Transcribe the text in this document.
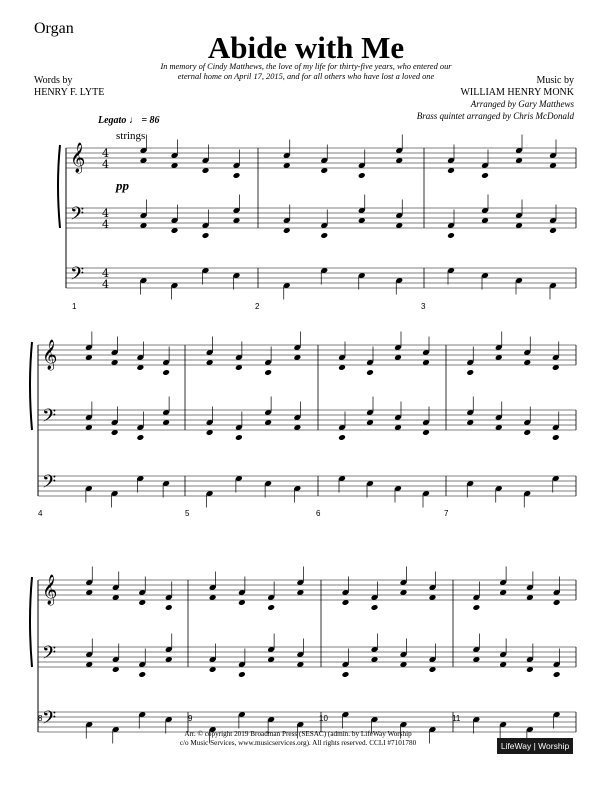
Organ
Abide with Me
In memory of Cindy Matthews, the love of my life for thirty-five years, who entered our
eternal home on April 17, 2015, and for all others who have lost a loved one
Words by
HENRY F. LYTE
Music by
WILLIAM HENRY MONK
Arranged by Gary Matthews
Brass quintet arranged by Chris McDonald
Legato ♩ = 86
strings
pp
𝄞 4
4
𝄢 4
4
𝄢 4
4
1	2	3
𝄞
𝄢
𝄢
4	5	6	7
𝄞
𝄢
𝄢
8	9	10	11
Arr. © copyright 2019 Broadman Press (SESAC) (admin. by LifeWay Worship
c/o Music Services, www.musicservices.org). All rights reserved. CCLI #7101780	LifeWay | Worship
